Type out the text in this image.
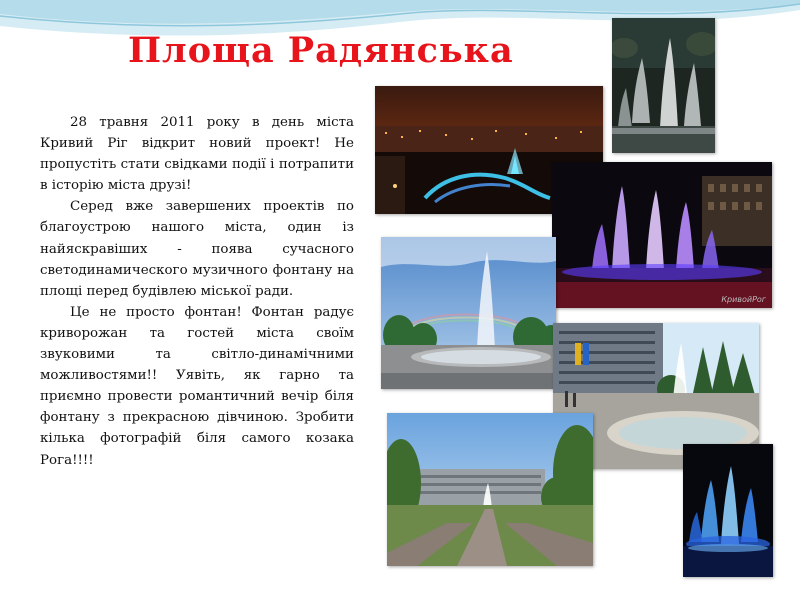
Площа Радянська

28 травня 2011 року в день міста Кривий Ріг відкрит новий проект! Не пропустіть стати свідками події і потрапити в історію міста друзі!

Серед вже завершених проектів по благоустрою нашого міста, один із найяскравіших - поява сучасного светодинамического музичного фонтану на площі перед будівлею міської ради.

Це не просто фонтан! Фонтан радує криворожан та гостей міста своїм звуковими та світло-динамічними можливостями!! Уявіть, як гарно та приємно провести романтичний вечір біля фонтану з прекрасною дівчиною. Зробити кілька фотографій біля самого козака Рога!!!!

КривойРог
